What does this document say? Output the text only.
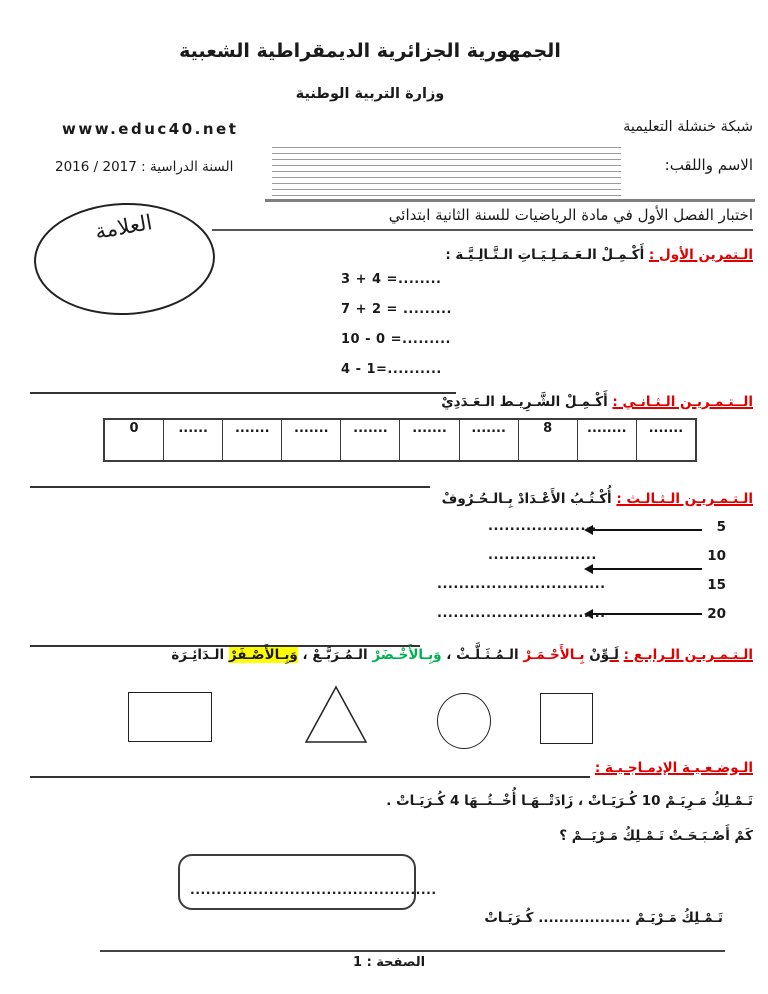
الجمهورية الجزائرية الديمقراطية الشعبية
وزارة التربية الوطنية
شبكة خنشلة التعليمية
www.educ40.net
الاسم واللقب:
السنة الدراسية : 2017 / 2016
اختبار الفصل الأول في مادة الرياضيات للسنة الثانية ابتدائي
العلامة
الـتمرين الأول : أَكْـمِـلْ الـعَـمَـلِـيَـاتِ الـتَّـالِـيَّـة :
3 + 4 =........
7 + 2 = .........
10 - 0 =.........
4 - 1=..........
الــتـمـريـن الـثـانـي : أَكْـمِـلْ الشَّـرِيـط الـعَـدَدِيْ
0	......	.......	.......	.......	.......	.......	8	........	.......
الـتـمـريـن الـثـالـث : أُكْـتُـبُ الأَعْـدَادْ بِـالـحُـرُوفْ
5
....................
10
....................
15
...............................
20
...............................
الـتـمـريـن الـرابـع : لَـوِّنْ بِـالأَحْـمَـرْ الـمُـثَـلَّـثْ ، وَبِـالأَخْـضَرْ الـمُـرَبَّـعْ ، وَبِـالأَصْـفَرْ الـدَائِـرَة
الـوضـعـيـة الإدمـاجـيـة :
تَـمْـلِكُ مَـرِيَـمْ 10 كُـرَيَـاتْ ، زَادَتْــهَـا أُخْــتُــهَا 4 كُـرَيَـاتْ .
كَمْ أَصْـبَـحَـتْ تَـمْـلِكُ مَـرْيَــمْ ؟
...............................................
تَـمْـلِكُ مَـرْيَـمْ .................. كُـرَيَـاتْ
الصفحة : 1
